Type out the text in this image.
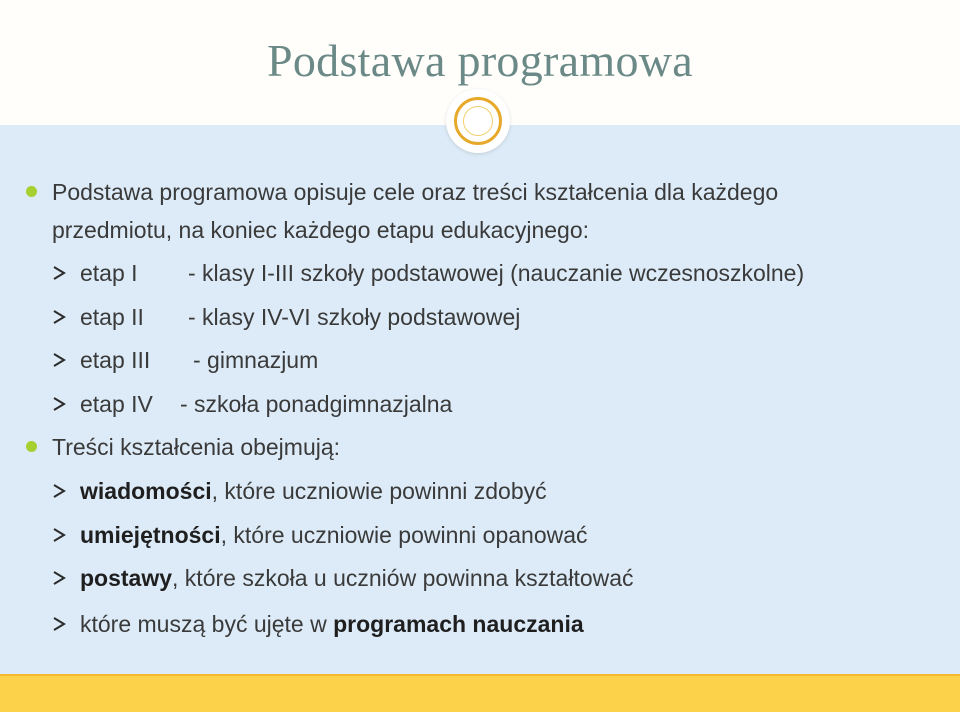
Podstawa programowa
Podstawa programowa opisuje cele oraz treści kształcenia dla każdego
przedmiotu, na koniec każdego etapu edukacyjnego:
etap I - klasy I-III szkoły podstawowej (nauczanie wczesnoszkolne)
etap II - klasy IV-VI szkoły podstawowej
etap III - gimnazjum
etap IV - szkoła ponadgimnazjalna
Treści kształcenia obejmują:
wiadomości, które uczniowie powinni zdobyć
umiejętności, które uczniowie powinni opanować
postawy, które szkoła u uczniów powinna kształtować
które muszą być ujęte w programach nauczania
